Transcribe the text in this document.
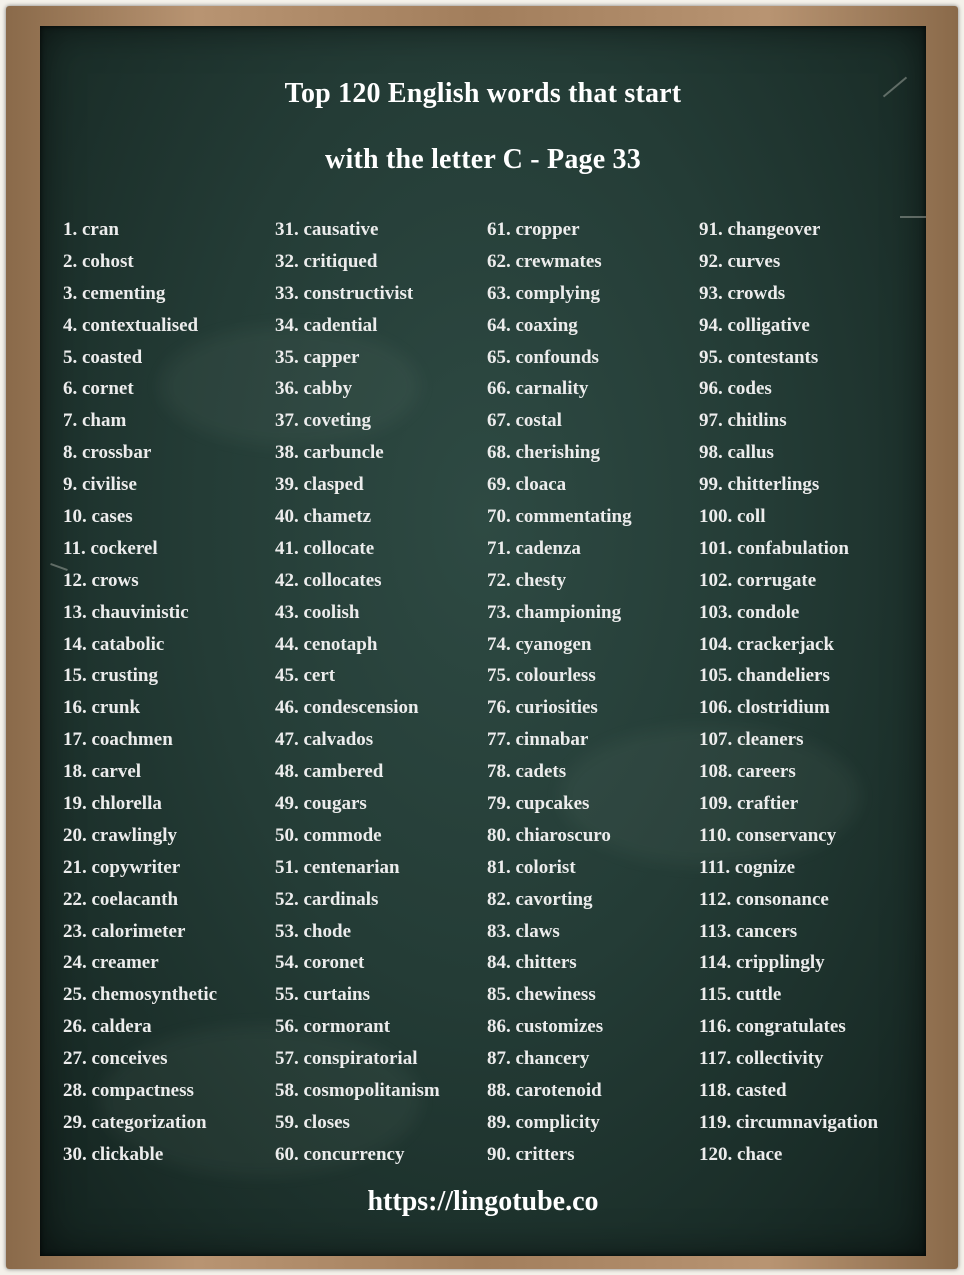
Top 120 English words that start
with the letter C - Page 33
1. cran
2. cohost
3. cementing
4. contextualised
5. coasted
6. cornet
7. cham
8. crossbar
9. civilise
10. cases
11. cockerel
12. crows
13. chauvinistic
14. catabolic
15. crusting
16. crunk
17. coachmen
18. carvel
19. chlorella
20. crawlingly
21. copywriter
22. coelacanth
23. calorimeter
24. creamer
25. chemosynthetic
26. caldera
27. conceives
28. compactness
29. categorization
30. clickable
31. causative
32. critiqued
33. constructivist
34. cadential
35. capper
36. cabby
37. coveting
38. carbuncle
39. clasped
40. chametz
41. collocate
42. collocates
43. coolish
44. cenotaph
45. cert
46. condescension
47. calvados
48. cambered
49. cougars
50. commode
51. centenarian
52. cardinals
53. chode
54. coronet
55. curtains
56. cormorant
57. conspiratorial
58. cosmopolitanism
59. closes
60. concurrency
61. cropper
62. crewmates
63. complying
64. coaxing
65. confounds
66. carnality
67. costal
68. cherishing
69. cloaca
70. commentating
71. cadenza
72. chesty
73. championing
74. cyanogen
75. colourless
76. curiosities
77. cinnabar
78. cadets
79. cupcakes
80. chiaroscuro
81. colorist
82. cavorting
83. claws
84. chitters
85. chewiness
86. customizes
87. chancery
88. carotenoid
89. complicity
90. critters
91. changeover
92. curves
93. crowds
94. colligative
95. contestants
96. codes
97. chitlins
98. callus
99. chitterlings
100. coll
101. confabulation
102. corrugate
103. condole
104. crackerjack
105. chandeliers
106. clostridium
107. cleaners
108. careers
109. craftier
110. conservancy
111. cognize
112. consonance
113. cancers
114. cripplingly
115. cuttle
116. congratulates
117. collectivity
118. casted
119. circumnavigation
120. chace
https://lingotube.co
